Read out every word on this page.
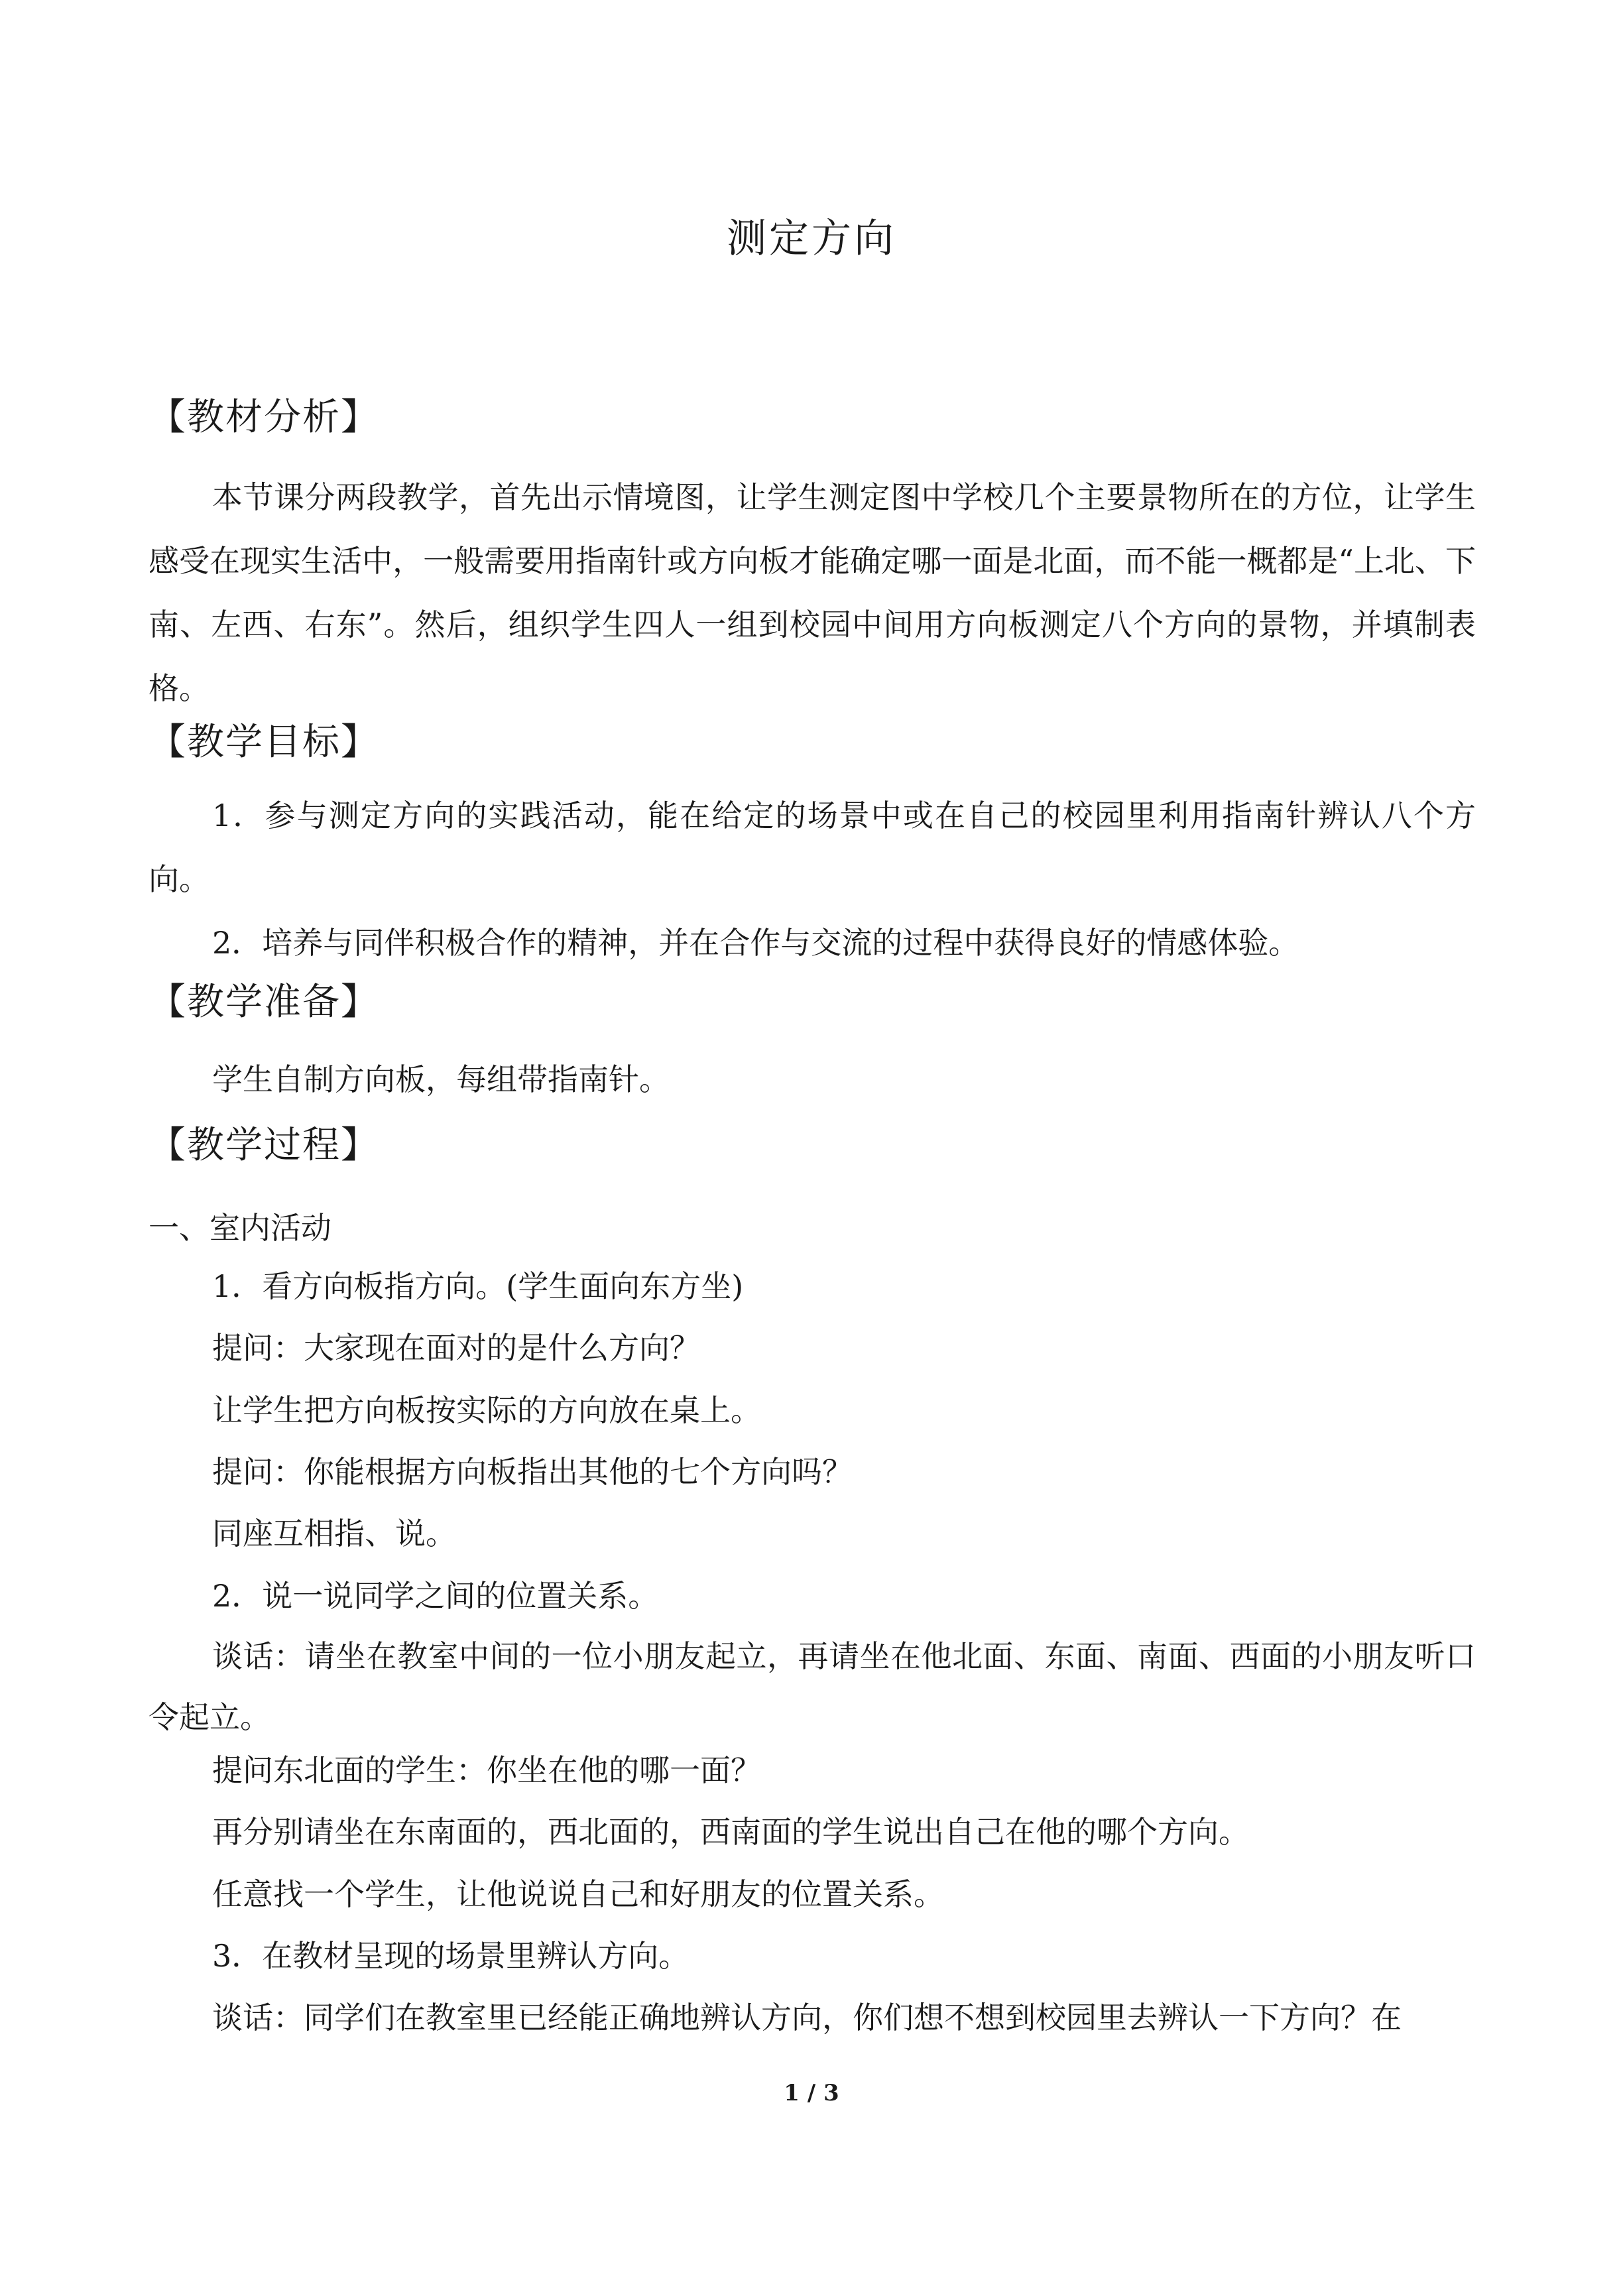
测定方向
【教材分析】
本节课分两段教学，首先出示情境图，让学生测定图中学校几个主要景物所在的方位，让学生感受在现实生活中，一般需要用指南针或方向板才能确定哪一面是北面，而不能一概都是“上北、下南、左西、右东”。然后，组织学生四人一组到校园中间用方向板测定八个方向的景物，并填制表格。
【教学目标】
1．参与测定方向的实践活动，能在给定的场景中或在自己的校园里利用指南针辨认八个方向。
2．培养与同伴积极合作的精神，并在合作与交流的过程中获得良好的情感体验。
【教学准备】
学生自制方向板，每组带指南针。
【教学过程】
一、室内活动
1．看方向板指方向。(学生面向东方坐)
提问：大家现在面对的是什么方向？
让学生把方向板按实际的方向放在桌上。
提问：你能根据方向板指出其他的七个方向吗？
同座互相指、说。
2．说一说同学之间的位置关系。
谈话：请坐在教室中间的一位小朋友起立，再请坐在他北面、东面、南面、西面的小朋友听口令起立。
提问东北面的学生：你坐在他的哪一面？
再分别请坐在东南面的，西北面的，西南面的学生说出自己在他的哪个方向。
任意找一个学生，让他说说自己和好朋友的位置关系。
3．在教材呈现的场景里辨认方向。
谈话：同学们在教室里已经能正确地辨认方向，你们想不想到校园里去辨认一下方向？在
1 / 3
